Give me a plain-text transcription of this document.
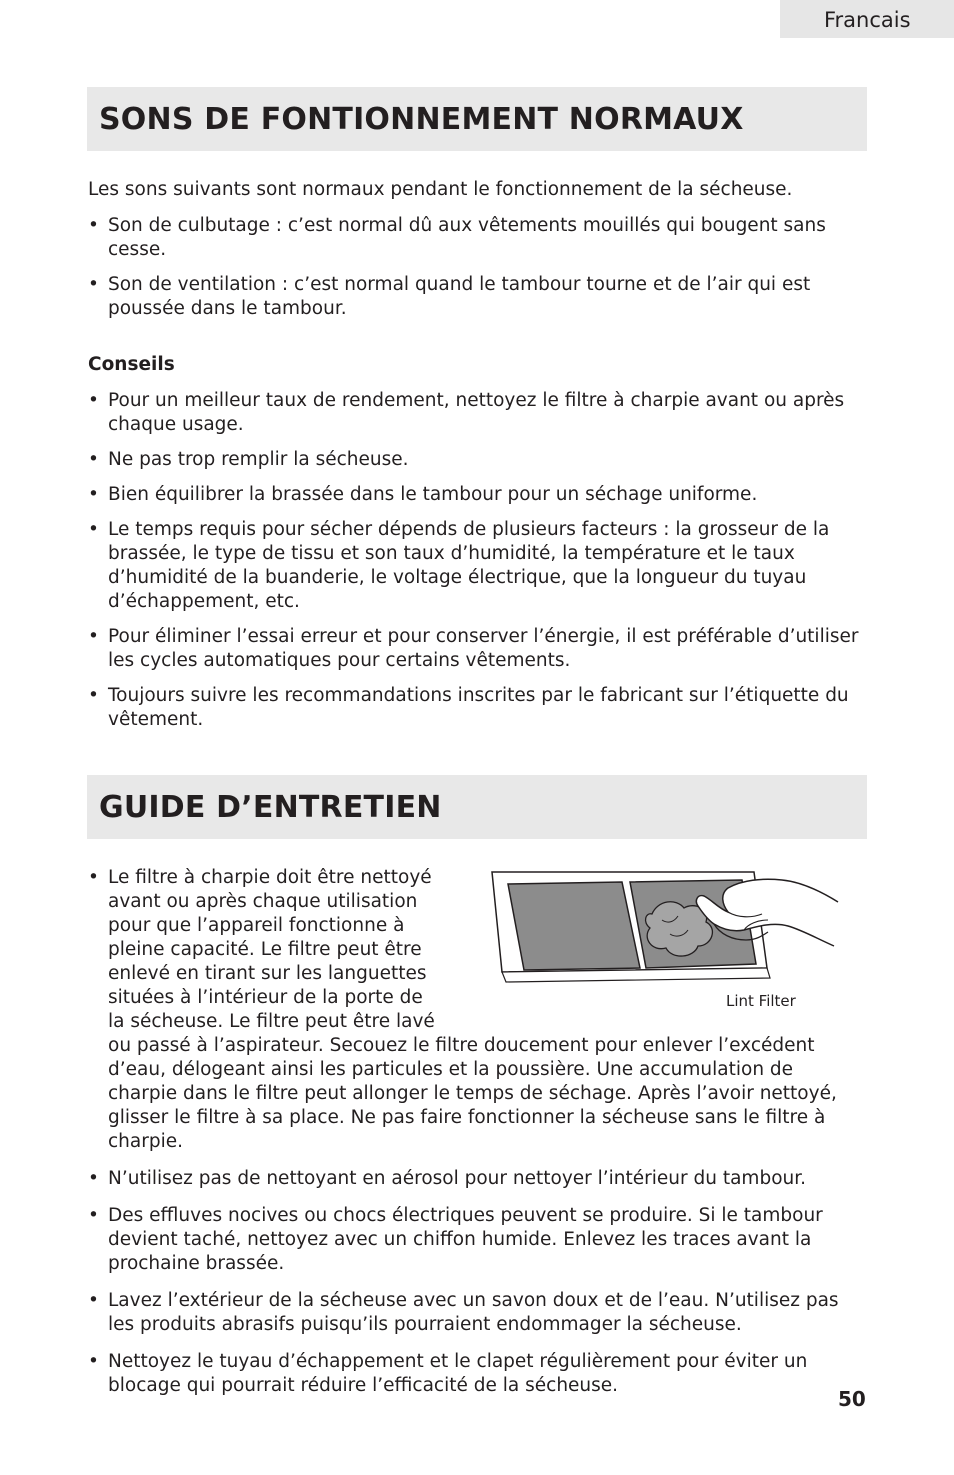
Francais
SONS DE FONTIONNEMENT NORMAUX

Les sons suivants sont normaux pendant le fonctionnement de la sécheuse.

• Son de culbutage : c’est normal dû aux vêtements mouillés qui bougent sans cesse.
• Son de ventilation : c’est normal quand le tambour tourne et de l’air qui est poussée dans le tambour.

Conseils

• Pour un meilleur taux de rendement, nettoyez le filtre à charpie avant ou après chaque usage.
• Ne pas trop remplir la sécheuse.
• Bien équilibrer la brassée dans le tambour pour un séchage uniforme.
• Le temps requis pour sécher dépends de plusieurs facteurs : la grosseur de la brassée, le type de tissu et son taux d’humidité, la température et le taux d’humidité de la buanderie, le voltage électrique, que la longueur du tuyau d’échappement, etc.
• Pour éliminer l’essai erreur et pour conserver l’énergie, il est préférable d’utiliser les cycles automatiques pour certains vêtements.
• Toujours suivre les recommandations inscrites par le fabricant sur l’étiquette du vêtement.
GUIDE D’ENTRETIEN
Lint Filter
• Le filtre à charpie doit être nettoyé avant ou après chaque utilisation pour que l’appareil fonctionne à pleine capacité. Le filtre peut être enlevé en tirant sur les languettes situées à l’intérieur de la porte de la sécheuse. Le filtre peut être lavé ou passé à l’aspirateur. Secouez le filtre doucement pour enlever l’excédent d’eau, délogeant ainsi les particules et la poussière. Une accumulation de charpie dans le filtre peut allonger le temps de séchage. Après l’avoir nettoyé, glisser le filtre à sa place. Ne pas faire fonctionner la sécheuse sans le filtre à charpie.
• N’utilisez pas de nettoyant en aérosol pour nettoyer l’intérieur du tambour.
• Des effluves nocives ou chocs électriques peuvent se produire. Si le tambour devient taché, nettoyez avec un chiffon humide. Enlevez les traces avant la prochaine brassée.
• Lavez l’extérieur de la sécheuse avec un savon doux et de l’eau. N’utilisez pas les produits abrasifs puisqu’ils pourraient endommager la sécheuse.
• Nettoyez le tuyau d’échappement et le clapet régulièrement pour éviter un blocage qui pourrait réduire l’efficacité de la sécheuse.
50
